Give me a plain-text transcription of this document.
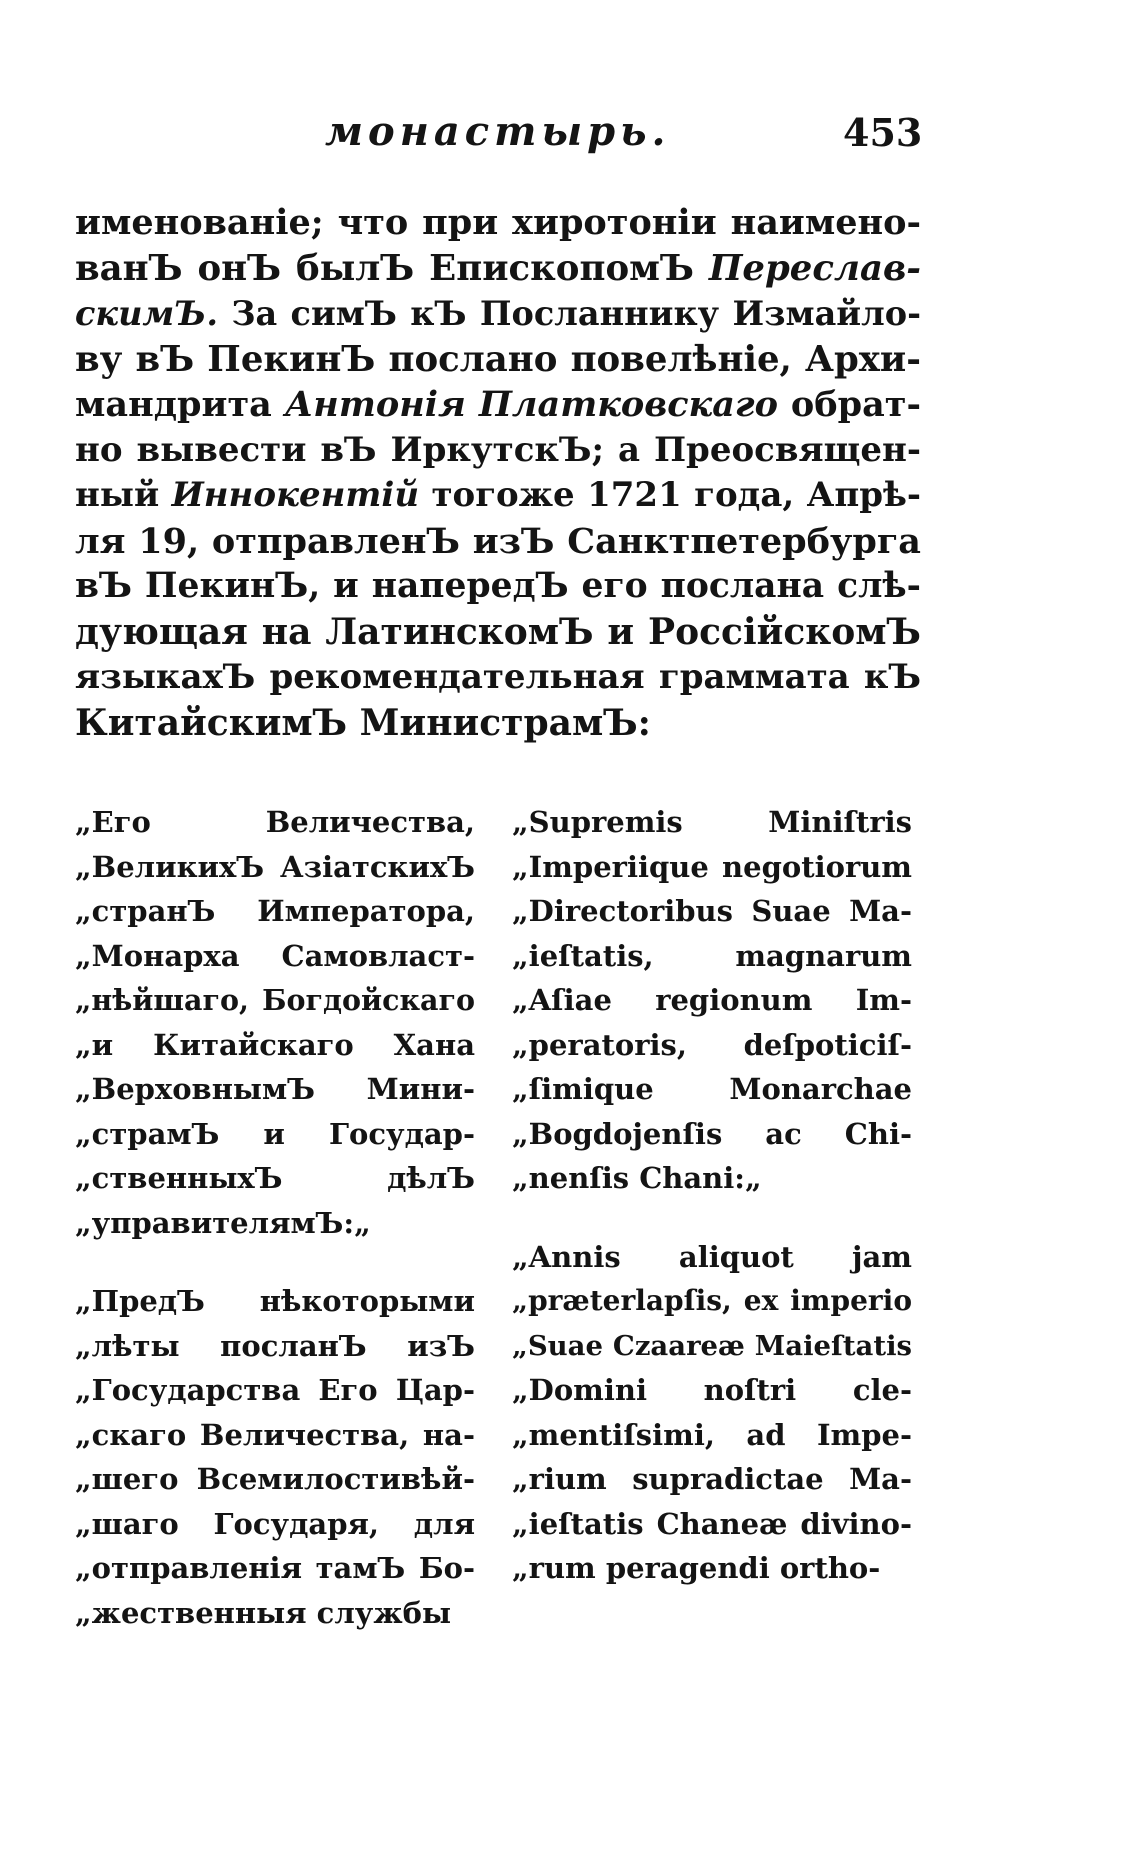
монастырь.	453
именованіе; что при хиротоніи наимено-
ванЪ онЪ былЪ ЕпископомЪ Переслав-
скимЪ. За симЪ кЪ Посланнику Измайло-
ву вЪ ПекинЪ послано повелѣніе, Архи-
мандрита Антонія Платковскаго обрат-
но вывести вЪ ИркутскЪ; а Преосвящен-
ный Иннокентій тогоже 1721 года, Апрѣ-
ля 19, отправленЪ изЪ Санктпетербурга
вЪ ПекинЪ, и напередЪ его послана слѣ-
дующая на ЛатинскомЪ и РоссійскомЪ
языкахЪ рекомендательная граммата кЪ
КитайскимЪ МинистрамЪ:
„Его Величества,
„ВеликихЪ АзіатскихЪ
„странЪ Императора,
„Монарха Самовласт-
„нѣйшаго, Богдойскаго
„и Китайскаго Хана
„ВерховнымЪ Мини-
„страмЪ и Государ-
„ственныхЪ дѣлЪ
„управителямЪ:„
„ПредЪ нѣкоторыми
„лѣты посланЪ изЪ
„Государства Его Цар-
„скаго Величества, на-
„шего Всемилостивѣй-
„шаго Государя, для
„отправленія тамЪ Бо-
„жественныя службы
„Supremis Miniſtris
„Imperiique negotiorum
„Directoribus Suae Ma-
„ieſtatis, magnarum
„Aſiae regionum Im-
„peratoris, deſpoticiſ-
„ſimique Monarchae
„Bogdojenſis ac Chi-
„nenſis Chani:„
„Annis aliquot jam
„præterlapſis, ex imperio
„Suae Czaareæ Maieſtatis
„Domini noſtri cle-
„mentiſsimi, ad Impe-
„rium supradictae Ma-
„ieſtatis Chaneæ divino-
„rum peragendi ortho-
